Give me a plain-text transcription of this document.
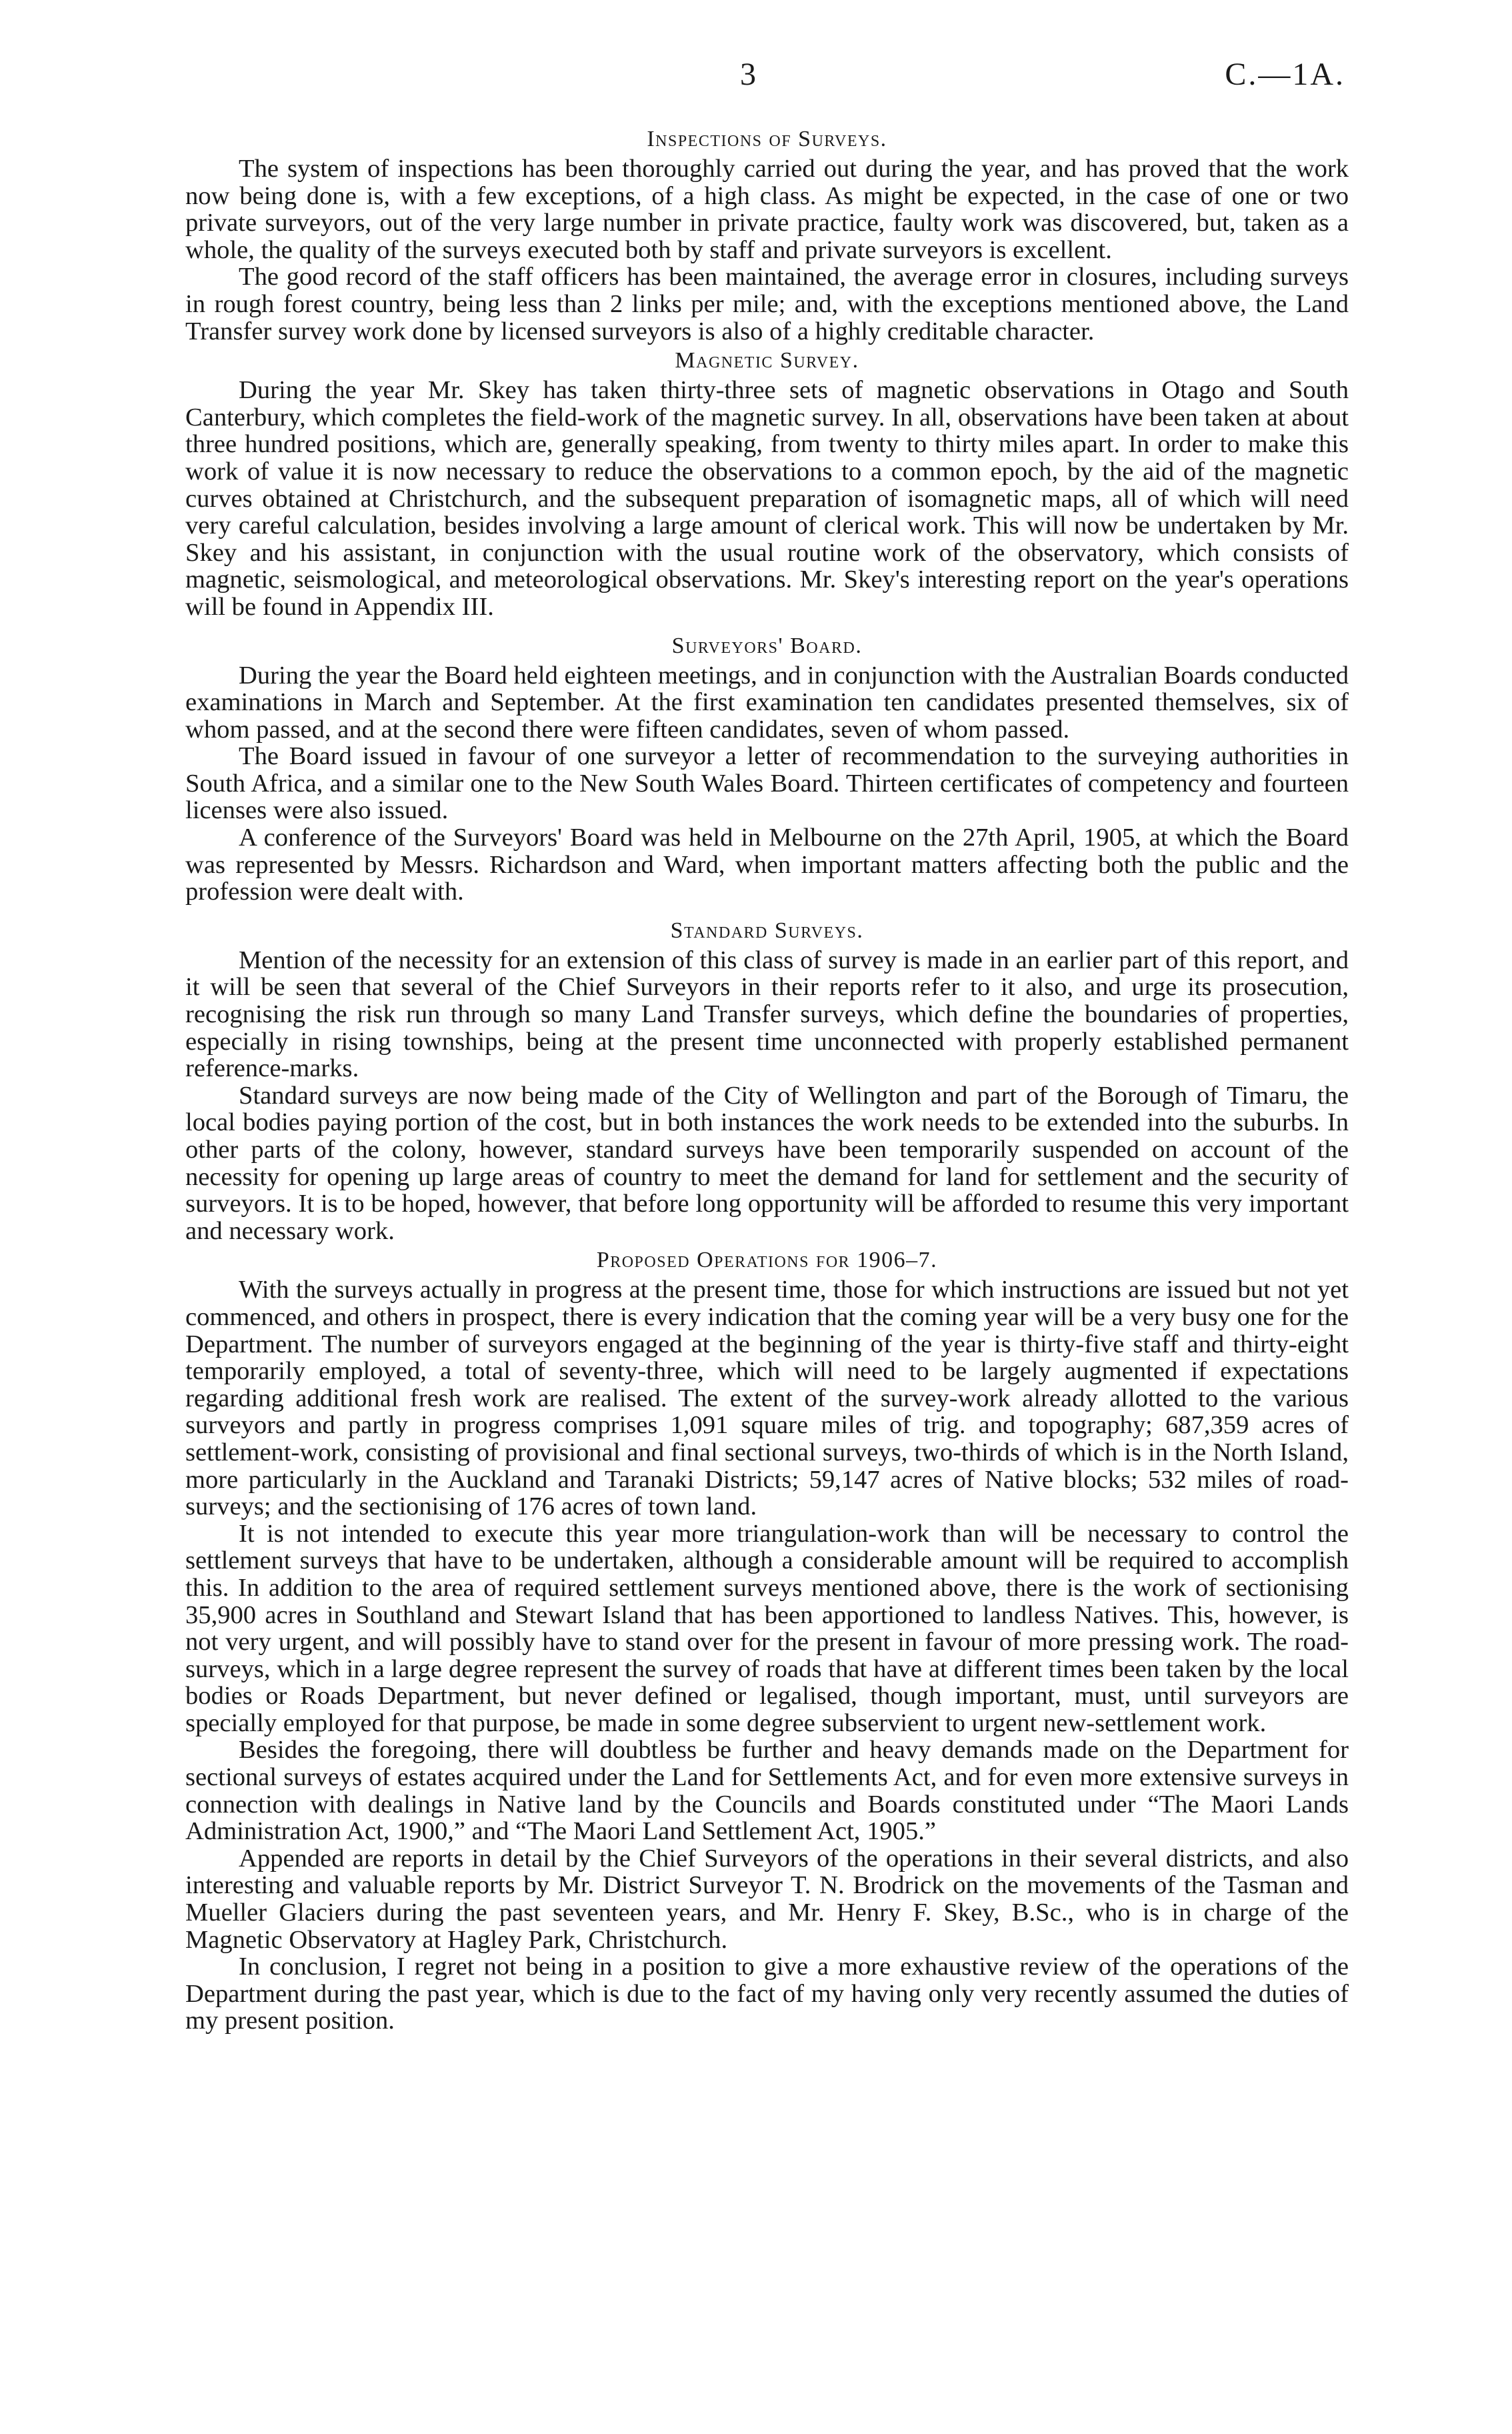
3	C.—1A.
Inspections of Surveys.

The system of inspections has been thoroughly carried out during the year, and has proved that the work now being done is, with a few exceptions, of a high class. As might be expected, in the case of one or two private surveyors, out of the very large number in private practice, faulty work was discovered, but, taken as a whole, the quality of the surveys executed both by staff and private surveyors is excellent.

The good record of the staff officers has been maintained, the average error in closures, including surveys in rough forest country, being less than 2 links per mile; and, with the exceptions mentioned above, the Land Transfer survey work done by licensed surveyors is also of a highly creditable character.

Magnetic Survey.

During the year Mr. Skey has taken thirty-three sets of magnetic observations in Otago and South Canterbury, which completes the field-work of the magnetic survey. In all, observations have been taken at about three hundred positions, which are, generally speaking, from twenty to thirty miles apart. In order to make this work of value it is now necessary to reduce the observations to a common epoch, by the aid of the magnetic curves obtained at Christchurch, and the subsequent preparation of isomagnetic maps, all of which will need very careful calculation, besides involving a large amount of clerical work. This will now be undertaken by Mr. Skey and his assistant, in conjunction with the usual routine work of the observatory, which consists of magnetic, seismological, and meteorological observations. Mr. Skey's interesting report on the year's operations will be found in Appendix III.

Surveyors' Board.

During the year the Board held eighteen meetings, and in conjunction with the Australian Boards conducted examinations in March and September. At the first examination ten candidates presented themselves, six of whom passed, and at the second there were fifteen candidates, seven of whom passed.

The Board issued in favour of one surveyor a letter of recommendation to the surveying authorities in South Africa, and a similar one to the New South Wales Board. Thirteen certificates of competency and fourteen licenses were also issued.

A conference of the Surveyors' Board was held in Melbourne on the 27th April, 1905, at which the Board was represented by Messrs. Richardson and Ward, when important matters affecting both the public and the profession were dealt with.

Standard Surveys.

Mention of the necessity for an extension of this class of survey is made in an earlier part of this report, and it will be seen that several of the Chief Surveyors in their reports refer to it also, and urge its prosecution, recognising the risk run through so many Land Transfer surveys, which define the boundaries of properties, especially in rising townships, being at the present time unconnected with properly established permanent reference-marks.

Standard surveys are now being made of the City of Wellington and part of the Borough of Timaru, the local bodies paying portion of the cost, but in both instances the work needs to be extended into the suburbs. In other parts of the colony, however, standard surveys have been temporarily suspended on account of the necessity for opening up large areas of country to meet the demand for land for settlement and the security of surveyors. It is to be hoped, however, that before long opportunity will be afforded to resume this very important and necessary work.

Proposed Operations for 1906–7.

With the surveys actually in progress at the present time, those for which instructions are issued but not yet commenced, and others in prospect, there is every indication that the coming year will be a very busy one for the Department. The number of surveyors engaged at the beginning of the year is thirty-five staff and thirty-eight temporarily employed, a total of seventy-three, which will need to be largely augmented if expectations regarding additional fresh work are realised. The extent of the survey-work already allotted to the various surveyors and partly in progress comprises 1,091 square miles of trig. and topography; 687,359 acres of settlement-work, consisting of provisional and final sectional surveys, two-thirds of which is in the North Island, more particularly in the Auckland and Taranaki Districts; 59,147 acres of Native blocks; 532 miles of road-surveys; and the sectionising of 176 acres of town land.

It is not intended to execute this year more triangulation-work than will be necessary to control the settlement surveys that have to be undertaken, although a considerable amount will be required to accomplish this. In addition to the area of required settlement surveys mentioned above, there is the work of sectionising 35,900 acres in Southland and Stewart Island that has been apportioned to landless Natives. This, however, is not very urgent, and will possibly have to stand over for the present in favour of more pressing work. The road-surveys, which in a large degree represent the survey of roads that have at different times been taken by the local bodies or Roads Department, but never defined or legalised, though important, must, until surveyors are specially employed for that purpose, be made in some degree subservient to urgent new-settlement work.

Besides the foregoing, there will doubtless be further and heavy demands made on the Department for sectional surveys of estates acquired under the Land for Settlements Act, and for even more extensive surveys in connection with dealings in Native land by the Councils and Boards constituted under “The Maori Lands Administration Act, 1900,” and “The Maori Land Settlement Act, 1905.”

Appended are reports in detail by the Chief Surveyors of the operations in their several districts, and also interesting and valuable reports by Mr. District Surveyor T. N. Brodrick on the movements of the Tasman and Mueller Glaciers during the past seventeen years, and Mr. Henry F. Skey, B.Sc., who is in charge of the Magnetic Observatory at Hagley Park, Christchurch.

In conclusion, I regret not being in a position to give a more exhaustive review of the operations of the Department during the past year, which is due to the fact of my having only very recently assumed the duties of my present position.
